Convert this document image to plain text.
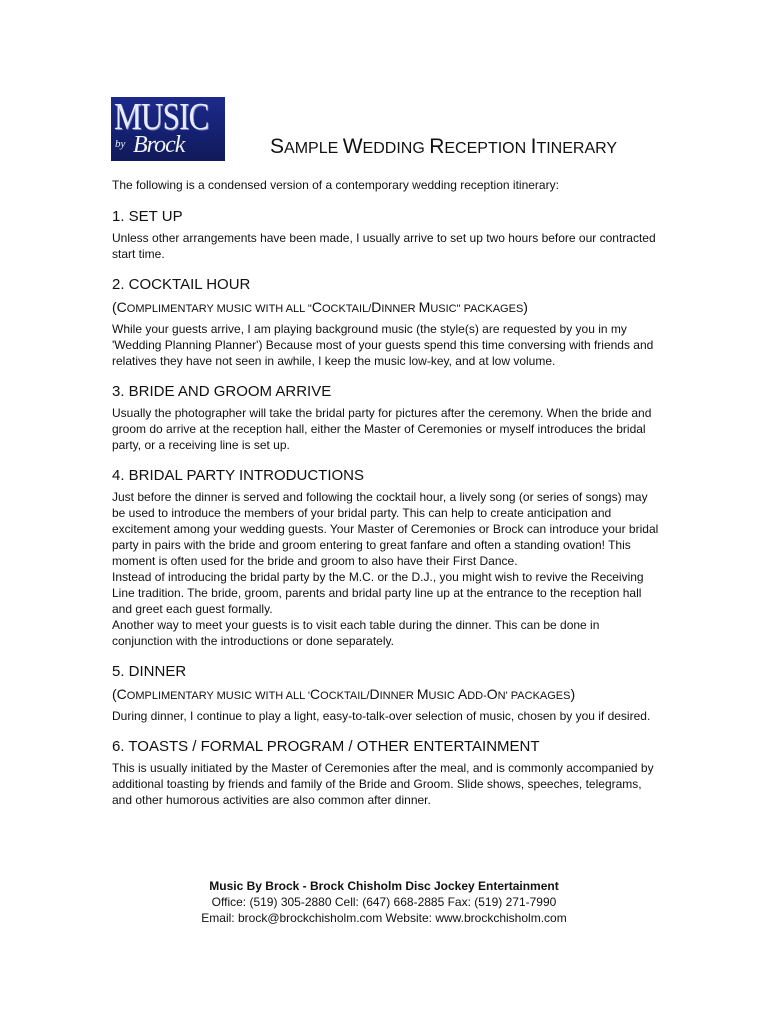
MUSIC
by Brock	SAMPLE WEDDING RECEPTION ITINERARY

The following is a condensed version of a contemporary wedding reception itinerary:

1. SET UP

Unless other arrangements have been made, I usually arrive to set up two hours before our contracted start time.

2. COCKTAIL HOUR

(COMPLIMENTARY MUSIC WITH ALL "COCKTAIL/DINNER MUSIC" PACKAGES)

While your guests arrive, I am playing background music (the style(s) are requested by you in my 'Wedding Planning Planner') Because most of your guests spend this time conversing with friends and relatives they have not seen in awhile, I keep the music low-key, and at low volume.

3. BRIDE AND GROOM ARRIVE

Usually the photographer will take the bridal party for pictures after the ceremony. When the bride and groom do arrive at the reception hall, either the Master of Ceremonies or myself introduces the bridal party, or a receiving line is set up.

4. BRIDAL PARTY INTRODUCTIONS

Just before the dinner is served and following the cocktail hour, a lively song (or series of songs) may be used to introduce the members of your bridal party. This can help to create anticipation and excitement among your wedding guests. Your Master of Ceremonies or Brock can introduce your bridal party in pairs with the bride and groom entering to great fanfare and often a standing ovation! This moment is often used for the bride and groom to also have their First Dance.

Instead of introducing the bridal party by the M.C. or the D.J., you might wish to revive the Receiving Line tradition. The bride, groom, parents and bridal party line up at the entrance to the reception hall and greet each guest formally.

Another way to meet your guests is to visit each table during the dinner. This can be done in conjunction with the introductions or done separately.

5. DINNER

(COMPLIMENTARY MUSIC WITH ALL 'COCKTAIL/DINNER MUSIC ADD-ON' PACKAGES)

During dinner, I continue to play a light, easy-to-talk-over selection of music, chosen by you if desired.

6. TOASTS / FORMAL PROGRAM / OTHER ENTERTAINMENT

This is usually initiated by the Master of Ceremonies after the meal, and is commonly accompanied by additional toasting by friends and family of the Bride and Groom. Slide shows, speeches, telegrams, and other humorous activities are also common after dinner.

Music By Brock - Brock Chisholm Disc Jockey Entertainment
Office: (519) 305-2880 Cell: (647) 668-2885 Fax: (519) 271-7990
Email: brock@brockchisholm.com Website: www.brockchisholm.com
